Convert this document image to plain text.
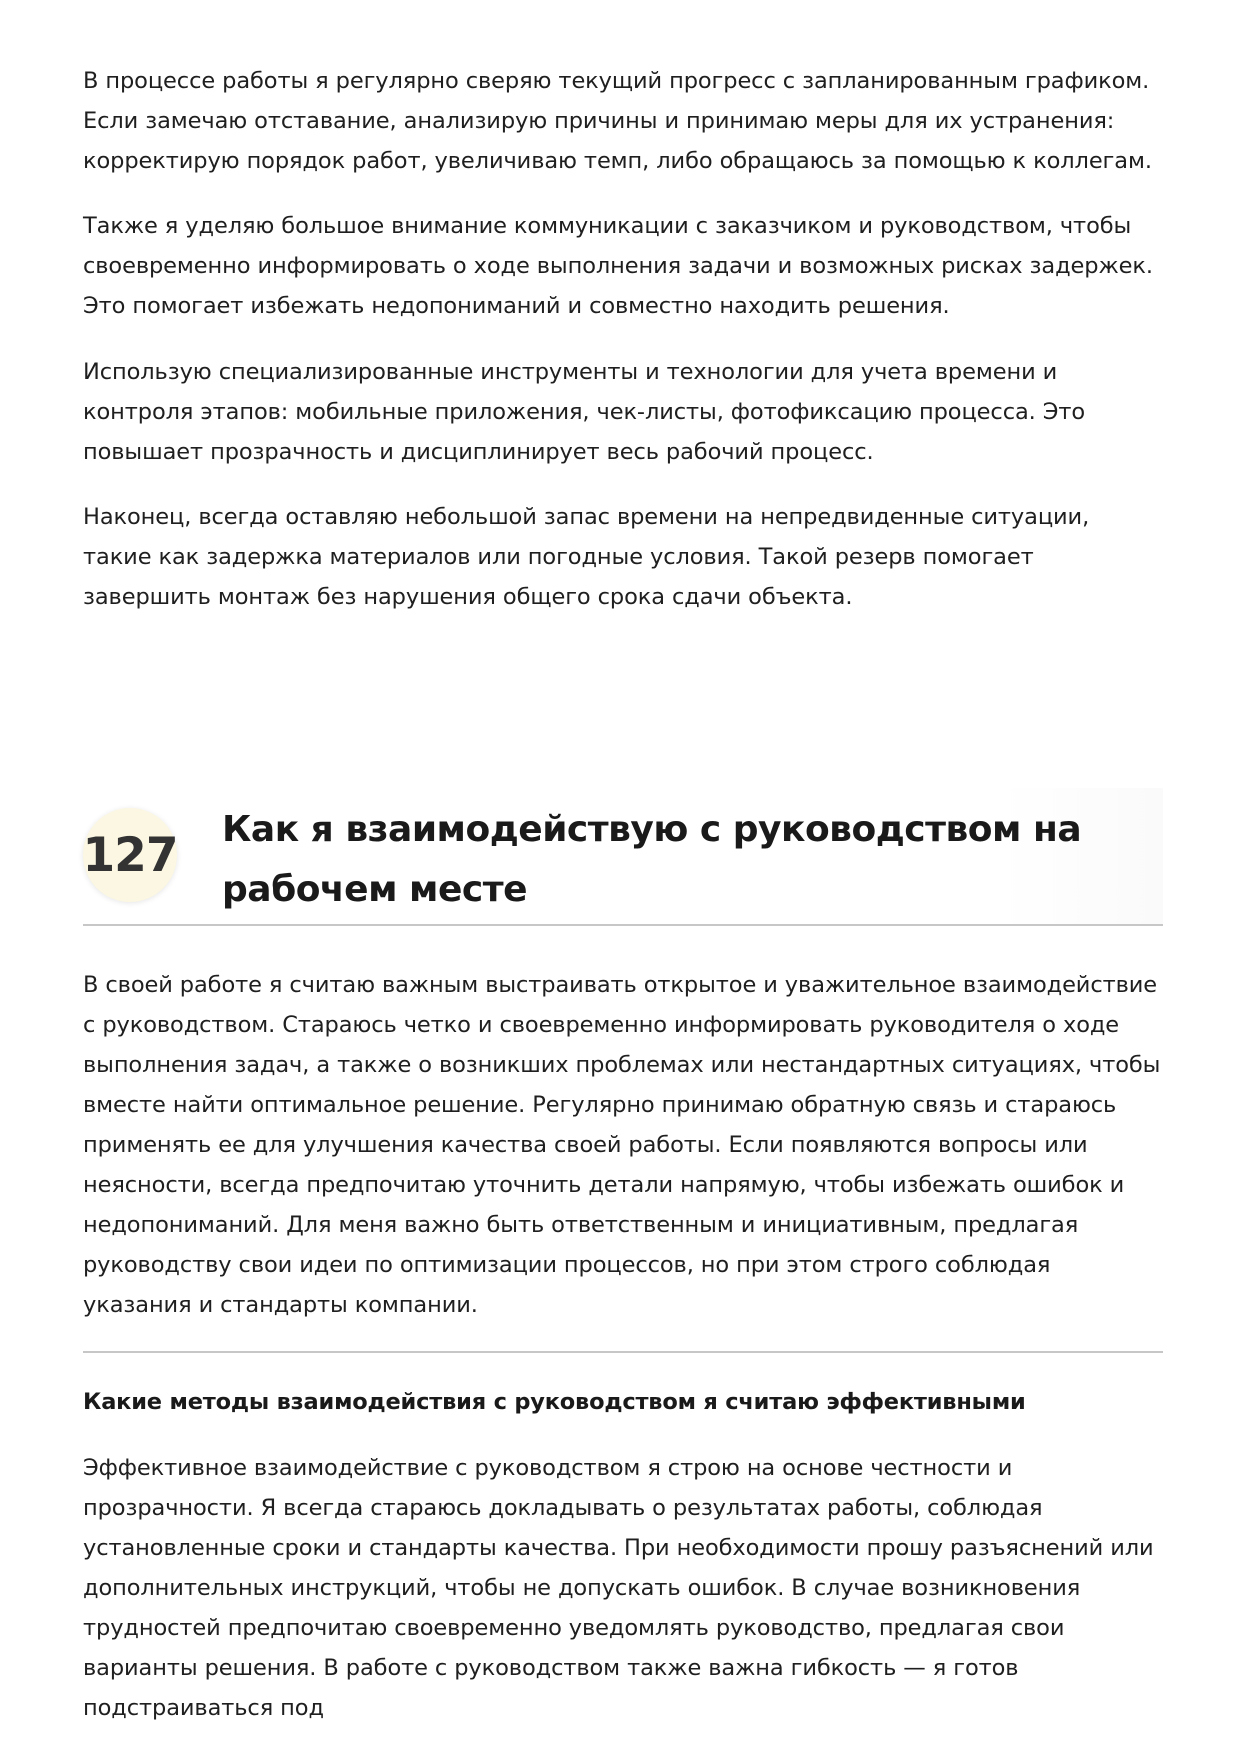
В процессе работы я регулярно сверяю текущий прогресс с запланированным графиком. Если замечаю отставание, анализирую причины и принимаю меры для их устранения: корректирую порядок работ, увеличиваю темп, либо обращаюсь за помощью к коллегам.

Также я уделяю большое внимание коммуникации с заказчиком и руководством, чтобы своевременно информировать о ходе выполнения задачи и возможных рисках задержек. Это помогает избежать недопониманий и совместно находить решения.

Использую специализированные инструменты и технологии для учета времени и контроля этапов: мобильные приложения, чек-листы, фотофиксацию процесса. Это повышает прозрачность и дисциплинирует весь рабочий процесс.

Наконец, всегда оставляю небольшой запас времени на непредвиденные ситуации, такие как задержка материалов или погодные условия. Такой резерв помогает завершить монтаж без нарушения общего срока сдачи объекта.

127 Как я взаимодействую с руководством на рабочем месте

В своей работе я считаю важным выстраивать открытое и уважительное взаимодействие с руководством. Стараюсь четко и своевременно информировать руководителя о ходе выполнения задач, а также о возникших проблемах или нестандартных ситуациях, чтобы вместе найти оптимальное решение. Регулярно принимаю обратную связь и стараюсь применять ее для улучшения качества своей работы. Если появляются вопросы или неясности, всегда предпочитаю уточнить детали напрямую, чтобы избежать ошибок и недопониманий. Для меня важно быть ответственным и инициативным, предлагая руководству свои идеи по оптимизации процессов, но при этом строго соблюдая указания и стандарты компании.

Какие методы взаимодействия с руководством я считаю эффективными

Эффективное взаимодействие с руководством я строю на основе честности и прозрачности. Я всегда стараюсь докладывать о результатах работы, соблюдая установленные сроки и стандарты качества. При необходимости прошу разъяснений или дополнительных инструкций, чтобы не допускать ошибок. В случае возникновения трудностей предпочитаю своевременно уведомлять руководство, предлагая свои варианты решения. В работе с руководством также важна гибкость — я готов подстраиваться под
